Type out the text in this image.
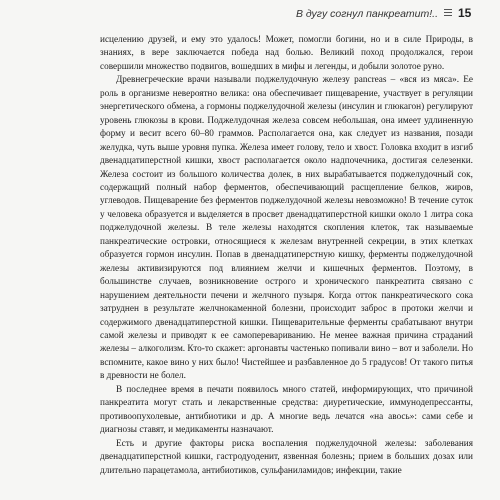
В дугу согнул панкреатит!.. 15

исцелению друзей, и ему это удалось! Может, помогли богини, но и в силе Природы, в знаниях, в вере заключается победа над болью. Великий поход продолжался, герои совершили множество подвигов, вошедших в мифы и легенды, и добыли золотое руно.

Древнегреческие врачи называли поджелудочную железу pancreas – «вся из мяса». Ее роль в организме невероятно велика: она обеспечивает пищеварение, участвует в регуляции энергетического обмена, а гормоны поджелудочной железы (инсулин и глюкагон) регулируют уровень глюкозы в крови. Поджелудочная железа совсем небольшая, она имеет удлиненную форму и весит всего 60–80 граммов. Располагается она, как следует из названия, позади желудка, чуть выше уровня пупка. Железа имеет голову, тело и хвост. Головка входит в изгиб двенадцатиперстной кишки, хвост располагается около надпочечника, достигая селезенки. Железа состоит из большого количества долек, в них вырабатывается поджелудочный сок, содержащий полный набор ферментов, обеспечивающий расщепление белков, жиров, углеводов. Пищеварение без ферментов поджелудочной железы невозможно! В течение суток у человека образуется и выделяется в просвет двенадцатиперстной кишки около 1 литра сока поджелудочной железы. В теле железы находятся скопления клеток, так называемые панкреатические островки, относящиеся к железам внутренней секреции, в этих клетках образуется гормон инсулин. Попав в двенадцатиперстную кишку, ферменты поджелудочной железы активизируются под влиянием желчи и кишечных ферментов. Поэтому, в большинстве случаев, возникновение острого и хронического панкреатита связано с нарушением деятельности печени и желчного пузыря. Когда отток панкреатического сока затруднен в результате желчнокаменной болезни, происходит заброс в протоки желчи и содержимого двенадцатиперстной кишки. Пищеварительные ферменты срабатывают внутри самой железы и приводят к ее самоперевариванию. Не менее важная причина страданий железы – алкоголизм. Кто-то скажет: аргонавты частенько попивали вино – вот и заболели. Но вспомните, какое вино у них было! Чистейшее и разбавленное до 5 градусов! От такого питья в древности не болел.

В последнее время в печати появилось много статей, информирующих, что причиной панкреатита могут стать и лекарственные средства: диуретические, иммунодепрессанты, противоопухолевые, антибиотики и др. А многие ведь лечатся «на авось»: сами себе и диагнозы ставят, и медикаменты назначают.

Есть и другие факторы риска воспаления поджелудочной железы: заболевания двенадцатиперстной кишки, гастродуоденит, язвенная болезнь; прием в больших дозах или длительно парацетамола, антибиотиков, сульфаниламидов; инфекции, такие
